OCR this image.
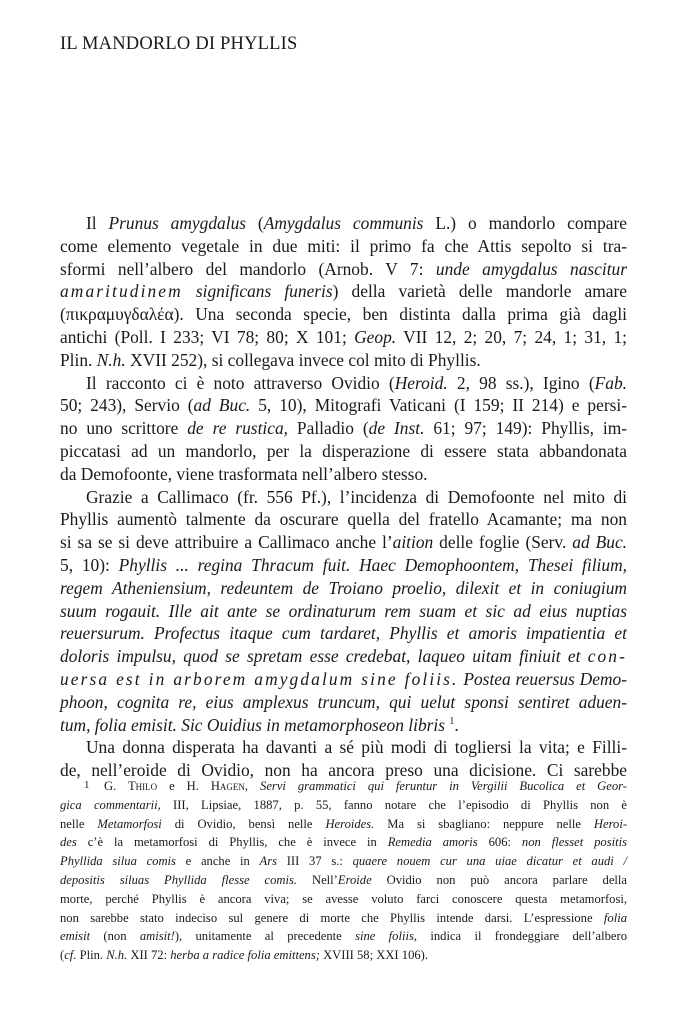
IL MANDORLO DI PHYLLIS
Il Prunus amygdalus (Amygdalus communis L.) o mandorlo compare
come elemento vegetale in due miti: il primo fa che Attis sepolto si tra-
sformi nell’albero del mandorlo (Arnob. V 7: unde amygdalus nascitur
amaritudinem significans funeris) della varietà delle mandorle amare
(πικραμυγδαλέα). Una seconda specie, ben distinta dalla prima già dagli
antichi (Poll. I 233; VI 78; 80; X 101; Geop. VII 12, 2; 20, 7; 24, 1; 31, 1;
Plin. N.h. XVII 252), si collegava invece col mito di Phyllis.
Il racconto ci è noto attraverso Ovidio (Heroid. 2, 98 ss.), Igino (Fab.
50; 243), Servio (ad Buc. 5, 10), Mitografi Vaticani (I 159; II 214) e persi-
no uno scrittore de re rustica, Palladio (de Inst. 61; 97; 149): Phyllis, im-
piccatasi ad un mandorlo, per la disperazione di essere stata abbandonata
da Demofoonte, viene trasformata nell’albero stesso.
Grazie a Callimaco (fr. 556 Pf.), l’incidenza di Demofoonte nel mito di
Phyllis aumentò talmente da oscurare quella del fratello Acamante; ma non
si sa se si deve attribuire a Callimaco anche l’aition delle foglie (Serv. ad Buc.
5, 10): Phyllis ... regina Thracum fuit. Haec Demophoontem, Thesei filium,
regem Atheniensium, redeuntem de Troiano proelio, dilexit et in coniugium
suum rogauit. Ille ait ante se ordinaturum rem suam et sic ad eius nuptias
reuersurum. Profectus itaque cum tardaret, Phyllis et amoris impatientia et
doloris impulsu, quod se spretam esse credebat, laqueo uitam finiuit et con-
uersa est in arborem amygdalum sine foliis. Postea reuersus Demo-
phoon, cognita re, eius amplexus truncum, qui uelut sponsi sentiret aduen-
tum, folia emisit. Sic Ouidius in metamorphoseon libris $^1$.
Una donna disperata ha davanti a sé più modi di togliersi la vita; e Filli-
de, nell’eroide di Ovidio, non ha ancora preso una dicisione. Ci sarebbe
1 G. Thilo e H. Hagen, Servi grammatici qui feruntur in Vergilii Bucolica et Geor-
gica commentarii, III, Lipsiae, 1887, p. 55, fanno notare che l’episodio di Phyllis non è
nelle Metamorfosi di Ovidio, bensì nelle Heroides. Ma si sbagliano: neppure nelle Heroi-
des c’è la metamorfosi di Phyllis, che è invece in Remedia amoris 606: non flesset positis
Phyllida silua comis e anche in Ars III 37 s.: quaere nouem cur una uiae dicatur et audi /
depositis siluas Phyllida flesse comis. Nell’Eroide Ovidio non può ancora parlare della
morte, perché Phyllis è ancora viva; se avesse voluto farci conoscere questa metamorfosi,
non sarebbe stato indeciso sul genere di morte che Phyllis intende darsi. L’espressione folia
emisit (non amisit!), unitamente al precedente sine foliis, indica il frondeggiare dell’albero
(cf. Plin. N.h. XII 72: herba a radice folia emittens; XVIII 58; XXI 106).
